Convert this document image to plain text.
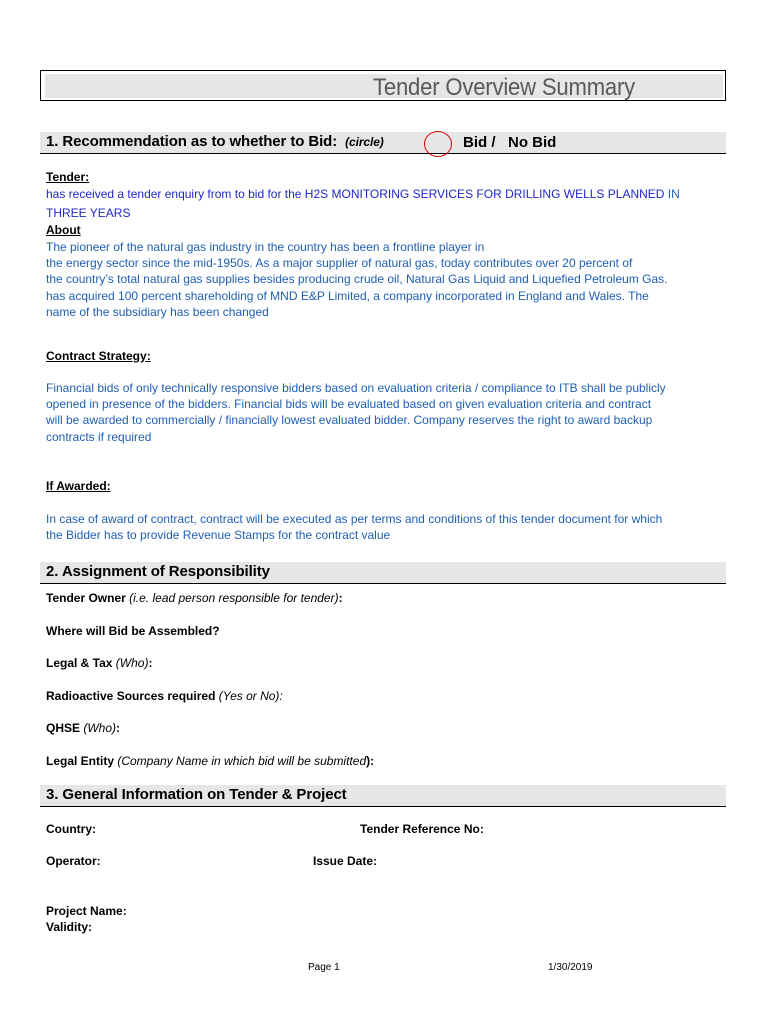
Tender Overview Summary
1. Recommendation as to whether to Bid: (circle)	Bid /   No Bid
Tender:
has received a tender enquiry from to bid for the H2S MONITORING SERVICES FOR DRILLING WELLS PLANNED IN
THREE YEARS
About
The pioneer of the natural gas industry in the country has been a frontline player in
the energy sector since the mid-1950s. As a major supplier of natural gas, today contributes over 20 percent of
the country’s total natural gas supplies besides producing crude oil, Natural Gas Liquid and Liquefied Petroleum Gas.
has acquired 100 percent shareholding of MND E&P Limited, a company incorporated in England and Wales. The
name of the subsidiary has been changed
Contract Strategy:
Financial bids of only technically responsive bidders based on evaluation criteria / compliance to ITB shall be publicly
opened in presence of the bidders. Financial bids will be evaluated based on given evaluation criteria and contract
will be awarded to commercially / financially lowest evaluated bidder. Company reserves the right to award backup
contracts if required
If Awarded:
In case of award of contract, contract will be executed as per terms and conditions of this tender document for which
the Bidder has to provide Revenue Stamps for the contract value
2. Assignment of Responsibility
Tender Owner (i.e. lead person responsible for tender):
Where will Bid be Assembled?
Legal & Tax (Who):
Radioactive Sources required (Yes or No):
QHSE (Who):
Legal Entity (Company Name in which bid will be submitted):
3. General Information on Tender & Project
Country:	Tender Reference No:
Operator:	Issue Date:
Project Name:
Validity:
Page 1	1/30/2019
